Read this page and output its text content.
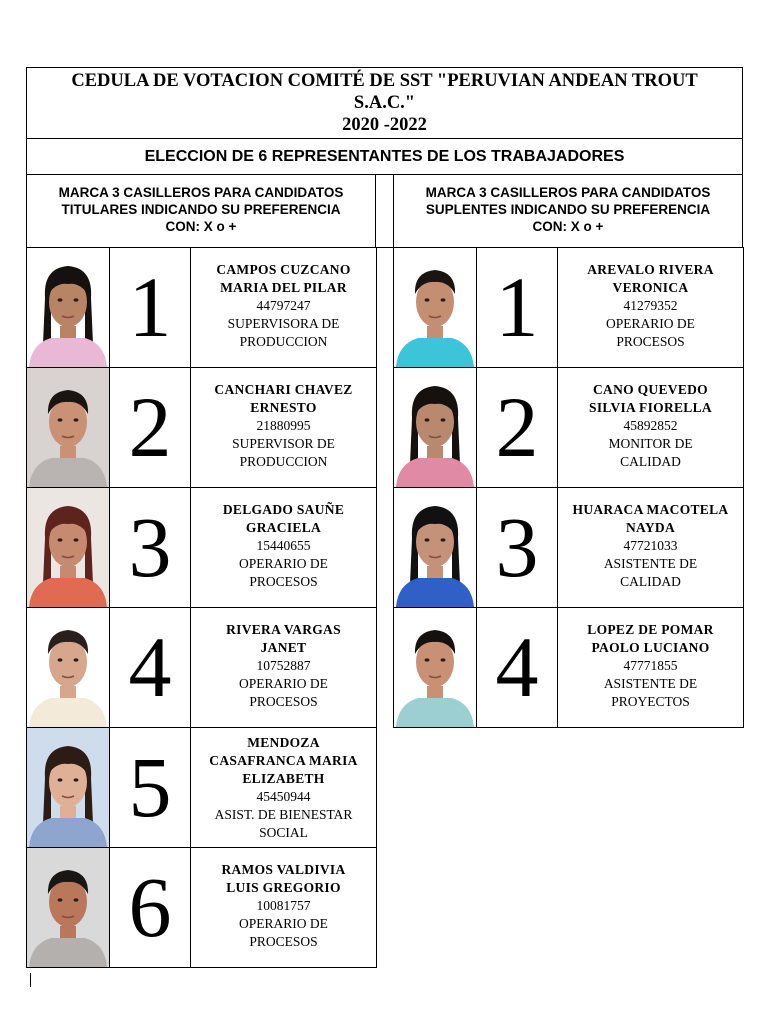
CEDULA DE VOTACION COMITÉ DE SST "PERUVIAN ANDEAN TROUT
S.A.C."
2020 -2022
ELECCION DE 6 REPRESENTANTES DE LOS TRABAJADORES
MARCA 3 CASILLEROS PARA CANDIDATOS
TITULARES INDICANDO SU PREFERENCIA
CON: X o +
MARCA 3 CASILLEROS PARA CANDIDATOS
SUPLENTES INDICANDO SU PREFERENCIA
CON: X o +
1	CAMPOS CUZCANO
MARIA DEL PILAR
44797247
SUPERVISORA DE
PRODUCCION
2	CANCHARI CHAVEZ
ERNESTO
21880995
SUPERVISOR DE
PRODUCCION
3	DELGADO SAUÑE
GRACIELA
15440655
OPERARIO DE
PROCESOS
4	RIVERA VARGAS
JANET
10752887
OPERARIO DE
PROCESOS
5	MENDOZA
CASAFRANCA MARIA
ELIZABETH
45450944
ASIST. DE BIENESTAR
SOCIAL
6	RAMOS VALDIVIA
LUIS GREGORIO
10081757
OPERARIO DE
PROCESOS
1	AREVALO RIVERA
VERONICA
41279352
OPERARIO DE
PROCESOS
2	CANO QUEVEDO
SILVIA FIORELLA
45892852
MONITOR DE
CALIDAD
3	HUARACA MACOTELA
NAYDA
47721033
ASISTENTE DE
CALIDAD
4	LOPEZ DE POMAR
PAOLO LUCIANO
47771855
ASISTENTE DE
PROYECTOS
